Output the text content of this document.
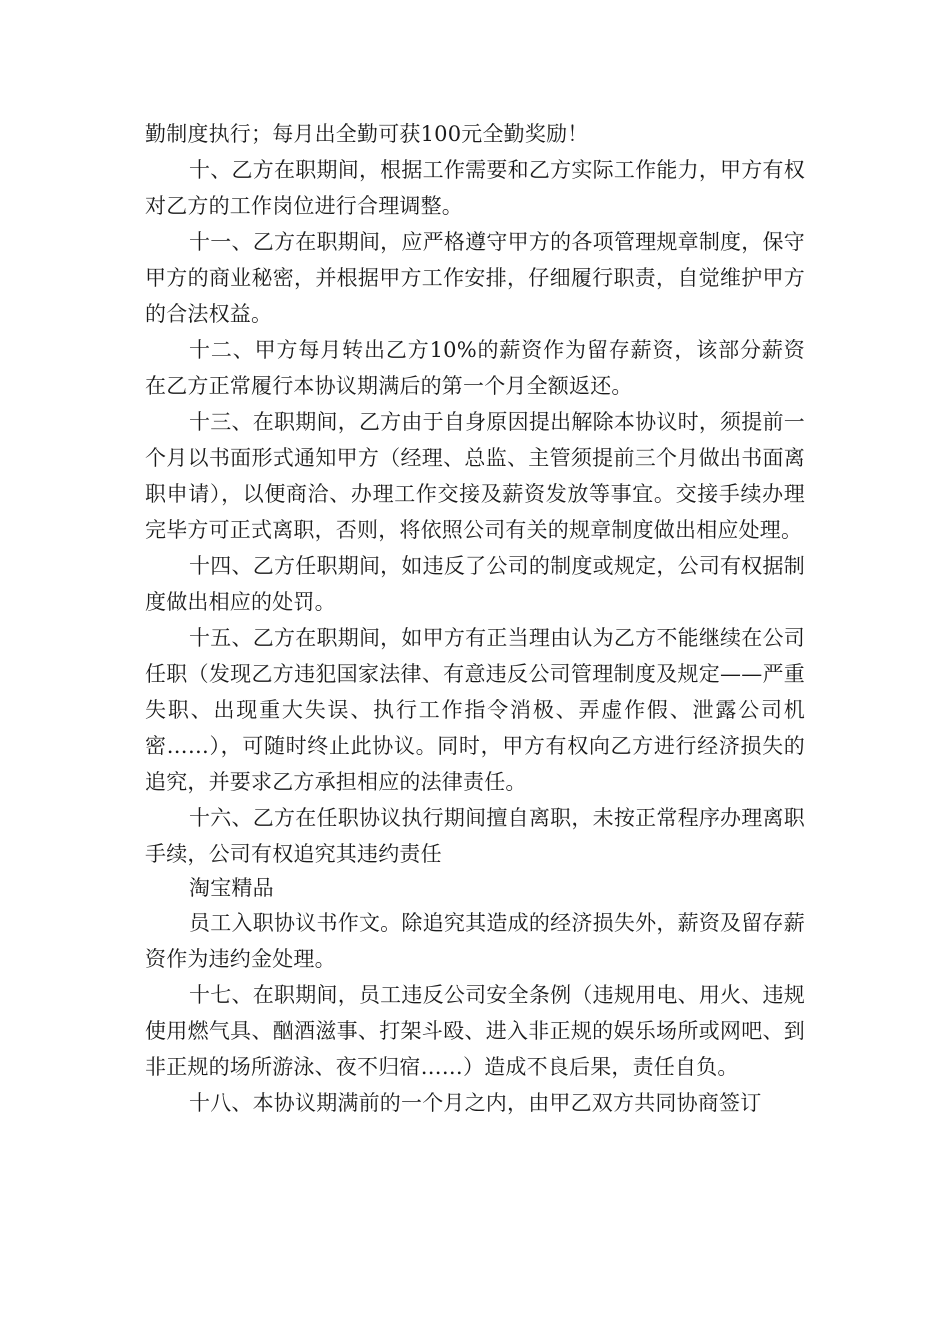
勤制度执行；每月出全勤可获100元全勤奖励！

十、乙方在职期间，根据工作需要和乙方实际工作能力，甲方有权对乙方的工作岗位进行合理调整。

十一、乙方在职期间，应严格遵守甲方的各项管理规章制度，保守甲方的商业秘密，并根据甲方工作安排，仔细履行职责，自觉维护甲方的合法权益。

十二、甲方每月转出乙方10%的薪资作为留存薪资，该部分薪资在乙方正常履行本协议期满后的第一个月全额返还。

十三、在职期间，乙方由于自身原因提出解除本协议时，须提前一个月以书面形式通知甲方（经理、总监、主管须提前三个月做出书面离职申请），以便商洽、办理工作交接及薪资发放等事宜。交接手续办理完毕方可正式离职，否则，将依照公司有关的规章制度做出相应处理。

十四、乙方任职期间，如违反了公司的制度或规定，公司有权据制度做出相应的处罚。

十五、乙方在职期间，如甲方有正当理由认为乙方不能继续在公司任职（发现乙方违犯国家法律、有意违反公司管理制度及规定——严重失职、出现重大失误、执行工作指令消极、弄虚作假、泄露公司机密……），可随时终止此协议。同时，甲方有权向乙方进行经济损失的追究，并要求乙方承担相应的法律责任。

十六、乙方在任职协议执行期间擅自离职，未按正常程序办理离职手续，公司有权追究其违约责任

淘宝精品

员工入职协议书作文。除追究其造成的经济损失外，薪资及留存薪资作为违约金处理。

十七、在职期间，员工违反公司安全条例（违规用电、用火、违规使用燃气具、酗酒滋事、打架斗殴、进入非正规的娱乐场所或网吧、到非正规的场所游泳、夜不归宿……）造成不良后果，责任自负。

十八、本协议期满前的一个月之内，由甲乙双方共同协商签订
